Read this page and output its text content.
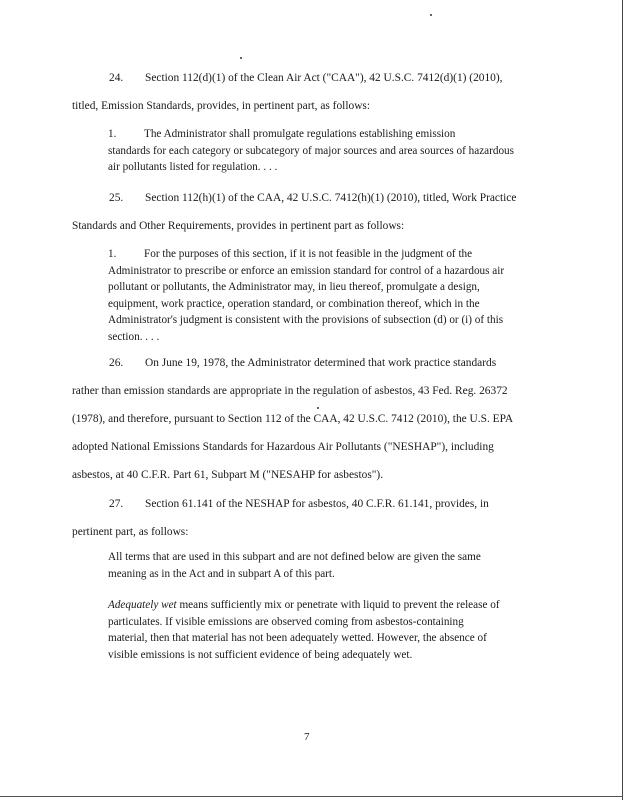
24. Section 112(d)(1) of the Clean Air Act ("CAA"), 42 U.S.C. 7412(d)(1) (2010),
titled, Emission Standards, provides, in pertinent part, as follows:

1. The Administrator shall promulgate regulations establishing emission

standards for each category or subcategory of major sources and area sources of hazardous air pollutants listed for regulation. . . .

25. Section 112(h)(1) of the CAA, 42 U.S.C. 7412(h)(1) (2010), titled, Work Practice
Standards and Other Requirements, provides in pertinent part as follows:

1. For the purposes of this section, if it is not feasible in the judgment of the

Administrator to prescribe or enforce an emission standard for control of a hazardous air pollutant or pollutants, the Administrator may, in lieu thereof, promulgate a design, equipment, work practice, operation standard, or combination thereof, which in the Administrator's judgment is consistent with the provisions of subsection (d) or (i) of this section. . . .

26. On June 19, 1978, the Administrator determined that work practice standards
rather than emission standards are appropriate in the regulation of asbestos, 43 Fed. Reg. 26372
(1978), and therefore, pursuant to Section 112 of the CAA, 42 U.S.C. 7412 (2010), the U.S. EPA
adopted National Emissions Standards for Hazardous Air Pollutants ("NESHAP"), including
asbestos, at 40 C.F.R. Part 61, Subpart M ("NESAHP for asbestos").
27. Section 61.141 of the NESHAP for asbestos, 40 C.F.R. 61.141, provides, in
pertinent part, as follows:

All terms that are used in this subpart and are not defined below are given the same meaning as in the Act and in subpart A of this part.

Adequately wet means sufficiently mix or penetrate with liquid to prevent the release of particulates. If visible emissions are observed coming from asbestos-containing material, then that material has not been adequately wetted. However, the absence of visible emissions is not sufficient evidence of being adequately wet.

7
